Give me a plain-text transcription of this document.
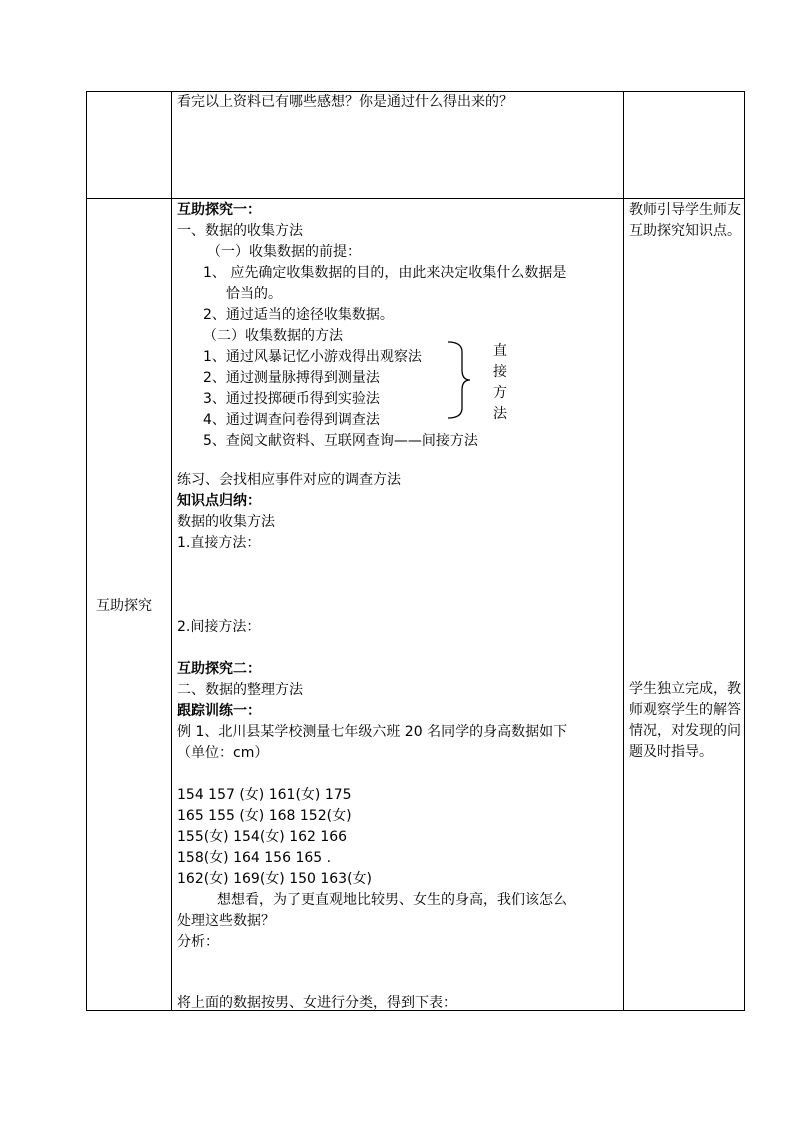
看完以上资料已有哪些感想？你是通过什么得出来的？
互助探究
互助探究一：
一、数据的收集方法
（一）收集数据的前提：
1、 应先确定收集数据的目的，由此来决定收集什么数据是
恰当的。
2、通过适当的途径收集数据。
（二）收集数据的方法
1、通过风暴记忆小游戏得出观察法
2、通过测量脉搏得到测量法
3、通过投掷硬币得到实验法
4、通过调查问卷得到调查法
5、查阅文献资料、互联网查询——间接方法
直
接
方
法
练习、会找相应事件对应的调查方法
知识点归纳：
数据的收集方法
1.直接方法：
2.间接方法：
互助探究二：
二、数据的整理方法
跟踪训练一：
例 1、北川县某学校测量七年级六班 20 名同学的身高数据如下
（单位：cm）
154 157 (女) 161(女) 175
165 155 (女) 168 152(女)
155(女) 154(女) 162 166
158(女) 164 156 165 .
162(女) 169(女) 150 163(女)
想想看，为了更直观地比较男、女生的身高，我们该怎么
处理这些数据？
分析：
将上面的数据按男、女进行分类，得到下表：
教师引导学生师友互助探究知识点。
学生独立完成，教师观察学生的解答情况，对发现的问题及时指导。
